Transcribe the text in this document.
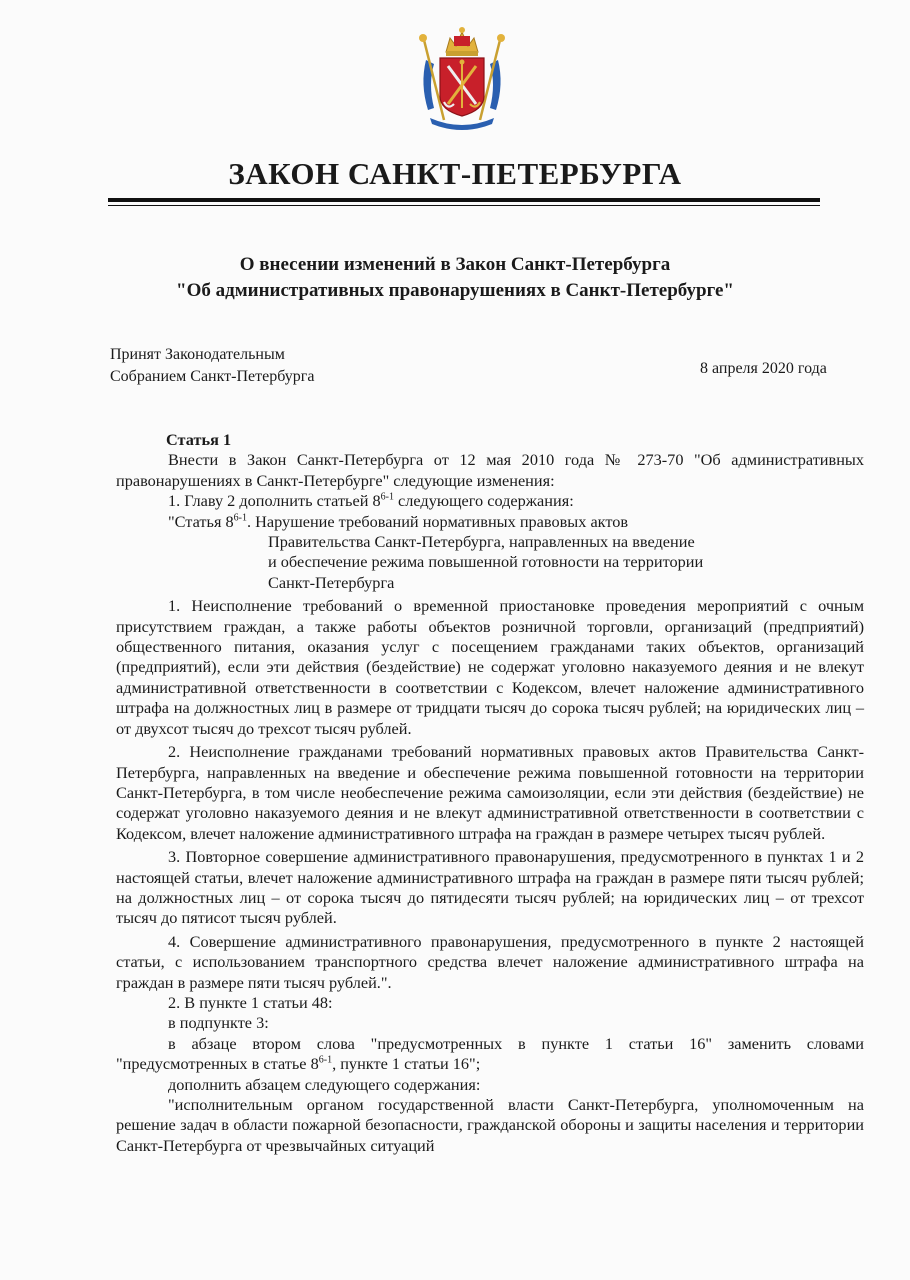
ЗАКОН САНКТ-ПЕТЕРБУРГА
О внесении изменений в Закон Санкт-Петербурга
"Об административных правонарушениях в Санкт-Петербурге"
Принят Законодательным
Собранием Санкт-Петербурга	8 апреля 2020 года

Статья 1

Внести в Закон Санкт-Петербурга от 12 мая 2010 года № 273-70 "Об административных правонарушениях в Санкт-Петербурге" следующие изменения:

1. Главу 2 дополнить статьей 8$^{6-1}$ следующего содержания:

"Статья 8$^{6-1}$. Нарушение требований нормативных правовых актов

Правительства Санкт-Петербурга, направленных на введение

и обеспечение режима повышенной готовности на территории

Санкт-Петербурга

1. Неисполнение требований о временной приостановке проведения мероприятий с очным присутствием граждан, а также работы объектов розничной торговли, организаций (предприятий) общественного питания, оказания услуг с посещением гражданами таких объектов, организаций (предприятий), если эти действия (бездействие) не содержат уголовно наказуемого деяния и не влекут административной ответственности в соответствии с Кодексом, влечет наложение административного штрафа на должностных лиц в размере от тридцати тысяч до сорока тысяч рублей; на юридических лиц – от двухсот тысяч до трехсот тысяч рублей.

2. Неисполнение гражданами требований нормативных правовых актов Правительства Санкт-Петербурга, направленных на введение и обеспечение режима повышенной готовности на территории Санкт-Петербурга, в том числе необеспечение режима самоизоляции, если эти действия (бездействие) не содержат уголовно наказуемого деяния и не влекут административной ответственности в соответствии с Кодексом, влечет наложение административного штрафа на граждан в размере четырех тысяч рублей.

3. Повторное совершение административного правонарушения, предусмотренного в пунктах 1 и 2 настоящей статьи, влечет наложение административного штрафа на граждан в размере пяти тысяч рублей; на должностных лиц – от сорока тысяч до пятидесяти тысяч рублей; на юридических лиц – от трехсот тысяч до пятисот тысяч рублей.

4. Совершение административного правонарушения, предусмотренного в пункте 2 настоящей статьи, с использованием транспортного средства влечет наложение административного штрафа на граждан в размере пяти тысяч рублей.".

2. В пункте 1 статьи 48:

в подпункте 3:

в абзаце втором слова "предусмотренных в пункте 1 статьи 16" заменить словами "предусмотренных в статье 8$^{6-1}$, пункте 1 статьи 16";

дополнить абзацем следующего содержания:

"исполнительным органом государственной власти Санкт-Петербурга, уполномоченным на решение задач в области пожарной безопасности, гражданской обороны и защиты населения и территории Санкт-Петербурга от чрезвычайных ситуаций
